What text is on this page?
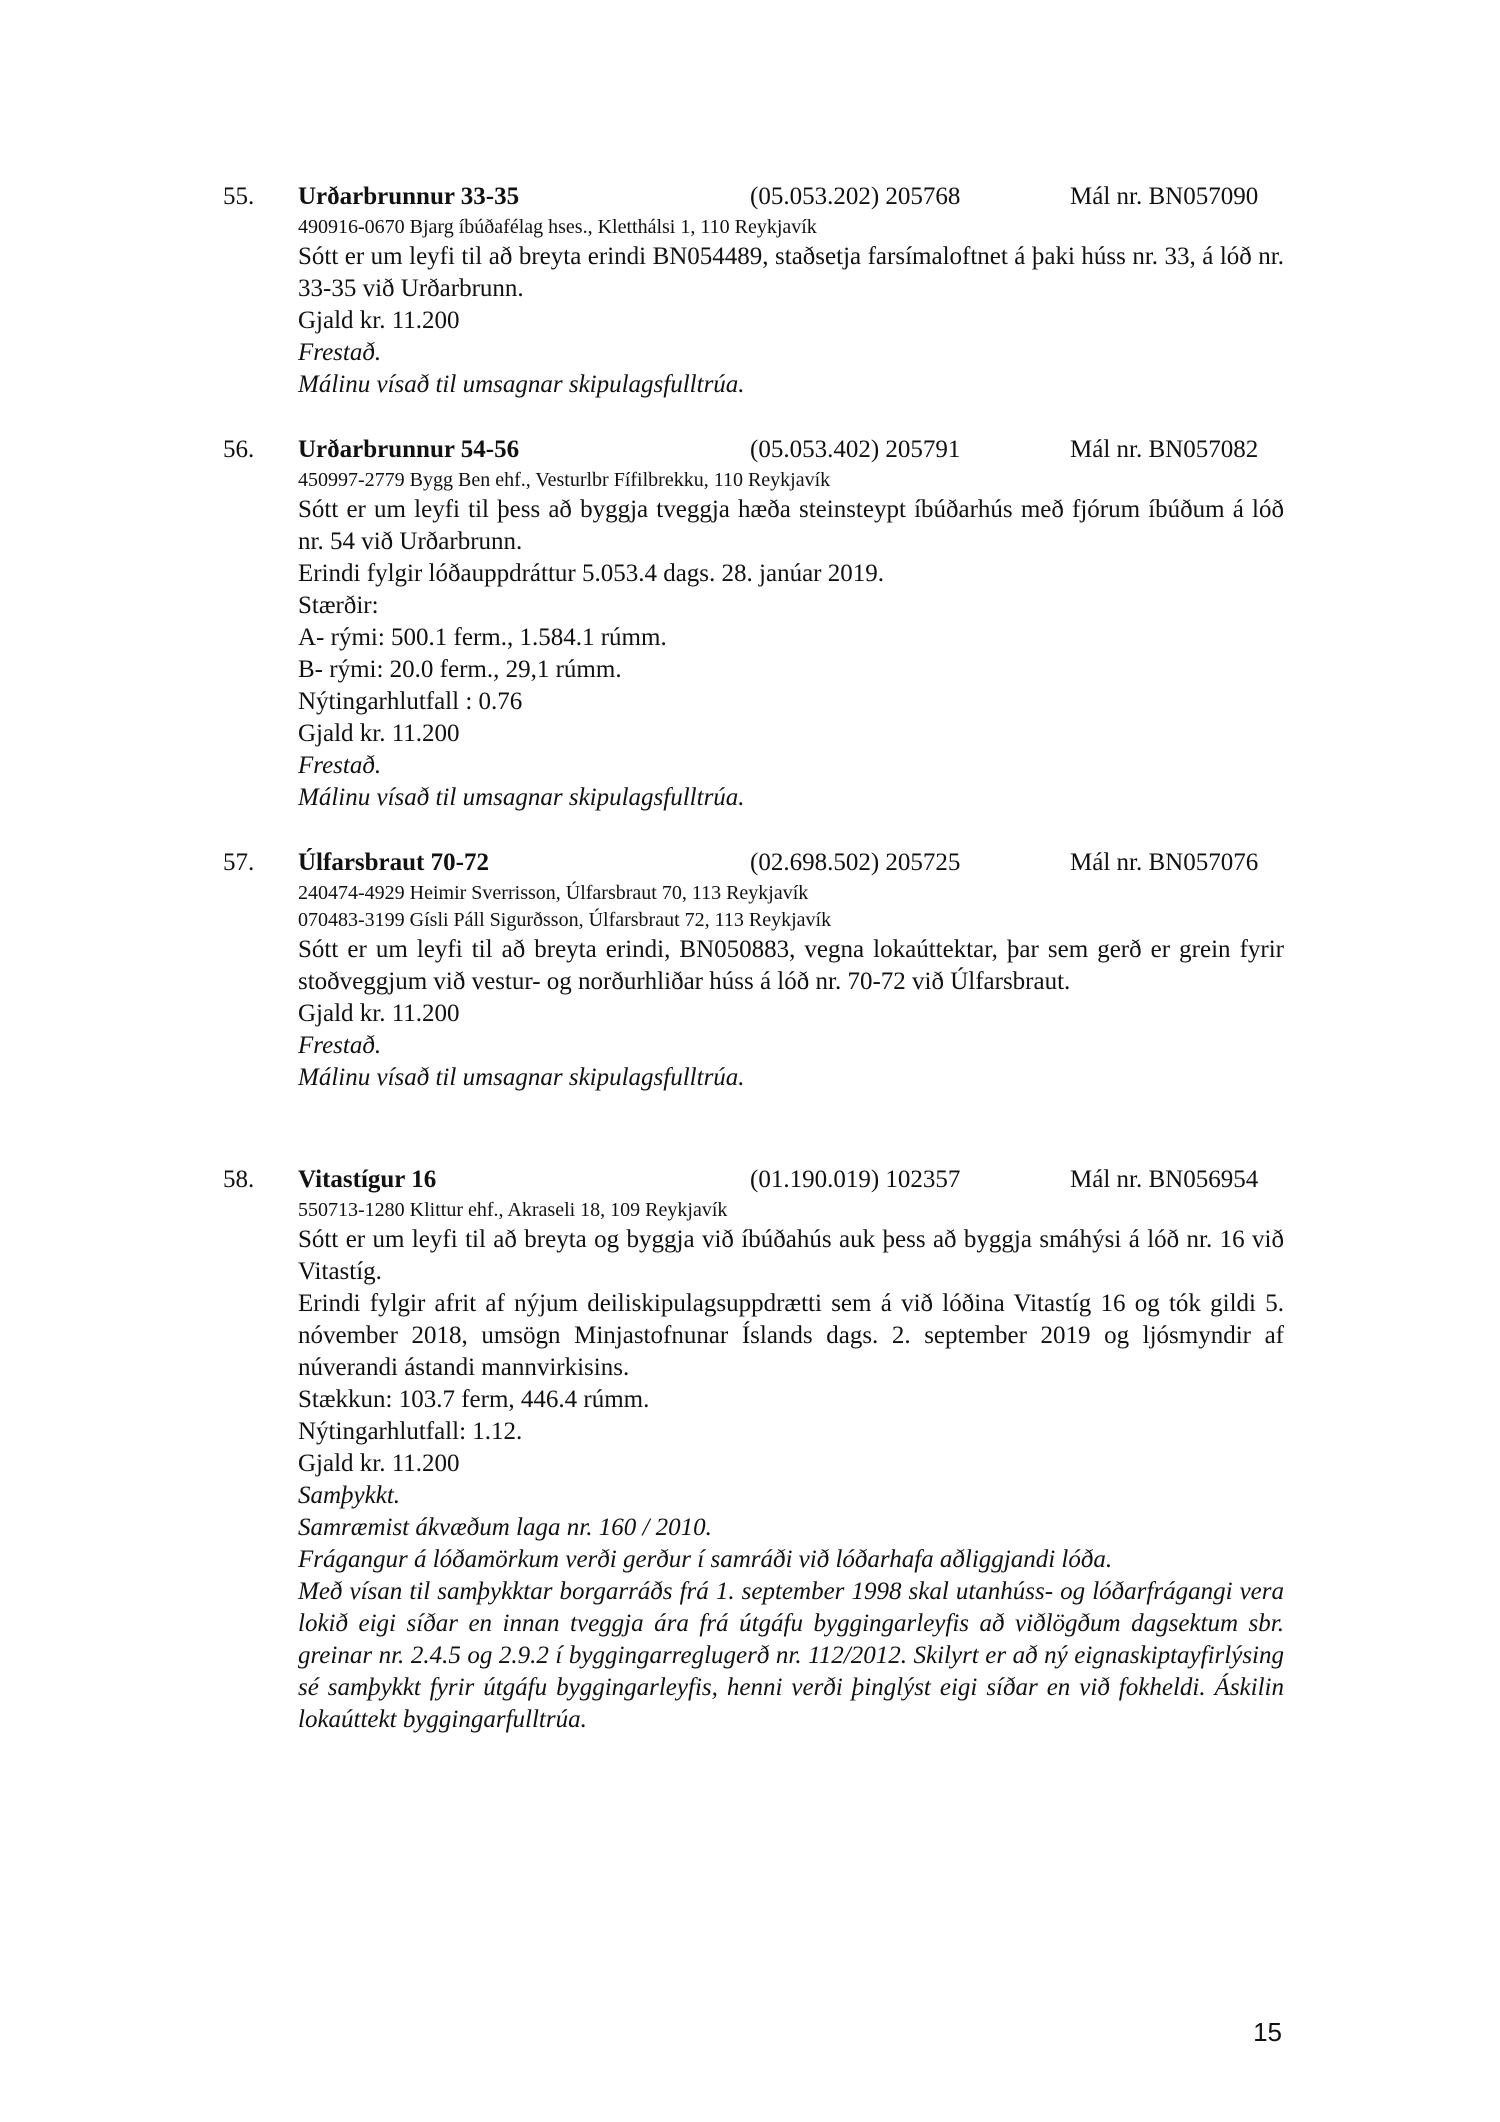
55. Urðarbrunnur 33-35	(05.053.202) 205768	Mál nr. BN057090
490916-0670 Bjarg íbúðafélag hses., Kletthálsi 1, 110 Reykjavík
Sótt er um leyfi til að breyta erindi BN054489, staðsetja farsímaloftnet á þaki húss nr. 33, á lóð nr. 33-35 við Urðarbrunn.
Gjald kr. 11.200
Frestað.
Málinu vísað til umsagnar skipulagsfulltrúa.
56. Urðarbrunnur 54-56	(05.053.402) 205791	Mál nr. BN057082
450997-2779 Bygg Ben ehf., Vesturlbr Fífilbrekku, 110 Reykjavík
Sótt er um leyfi til þess að byggja tveggja hæða steinsteypt íbúðarhús með fjórum íbúðum á lóð nr. 54 við Urðarbrunn.
Erindi fylgir lóðauppdráttur 5.053.4 dags. 28. janúar 2019.
Stærðir:
A- rými: 500.1 ferm., 1.584.1 rúmm.
B- rými: 20.0 ferm., 29,1 rúmm.
Nýtingarhlutfall : 0.76
Gjald kr. 11.200
Frestað.
Málinu vísað til umsagnar skipulagsfulltrúa.
57. Úlfarsbraut 70-72	(02.698.502) 205725	Mál nr. BN057076
240474-4929 Heimir Sverrisson, Úlfarsbraut 70, 113 Reykjavík
070483-3199 Gísli Páll Sigurðsson, Úlfarsbraut 72, 113 Reykjavík
Sótt er um leyfi til að breyta erindi, BN050883, vegna lokaúttektar, þar sem gerð er grein fyrir stoðveggjum við vestur- og norðurhliðar húss á lóð nr. 70-72 við Úlfarsbraut.
Gjald kr. 11.200
Frestað.
Málinu vísað til umsagnar skipulagsfulltrúa.
58. Vitastígur 16	(01.190.019) 102357	Mál nr. BN056954
550713-1280 Klittur ehf., Akraseli 18, 109 Reykjavík
Sótt er um leyfi til að breyta og byggja við íbúðahús auk þess að byggja smáhýsi á lóð nr. 16 við Vitastíg.
Erindi fylgir afrit af nýjum deiliskipulagsuppdrætti sem á við lóðina Vitastíg 16 og tók gildi 5. nóvember 2018, umsögn Minjastofnunar Íslands dags. 2. september 2019 og ljósmyndir af núverandi ástandi mannvirkisins.
Stækkun: 103.7 ferm, 446.4 rúmm.
Nýtingarhlutfall: 1.12.
Gjald kr. 11.200
Samþykkt.
Samræmist ákvæðum laga nr. 160 / 2010.
Frágangur á lóðamörkum verði gerður í samráði við lóðarhafa aðliggjandi lóða.
Með vísan til samþykktar borgarráðs frá 1. september 1998 skal utanhúss- og lóðarfrágangi vera lokið eigi síðar en innan tveggja ára frá útgáfu byggingarleyfis að viðlögðum dagsektum sbr. greinar nr. 2.4.5 og 2.9.2 í byggingarreglugerð nr. 112/2012. Skilyrt er að ný eignaskiptayfirlýsing sé samþykkt fyrir útgáfu byggingarleyfis, henni verði þinglýst eigi síðar en við fokheldi. Áskilin lokaúttekt byggingarfulltrúa.
15
